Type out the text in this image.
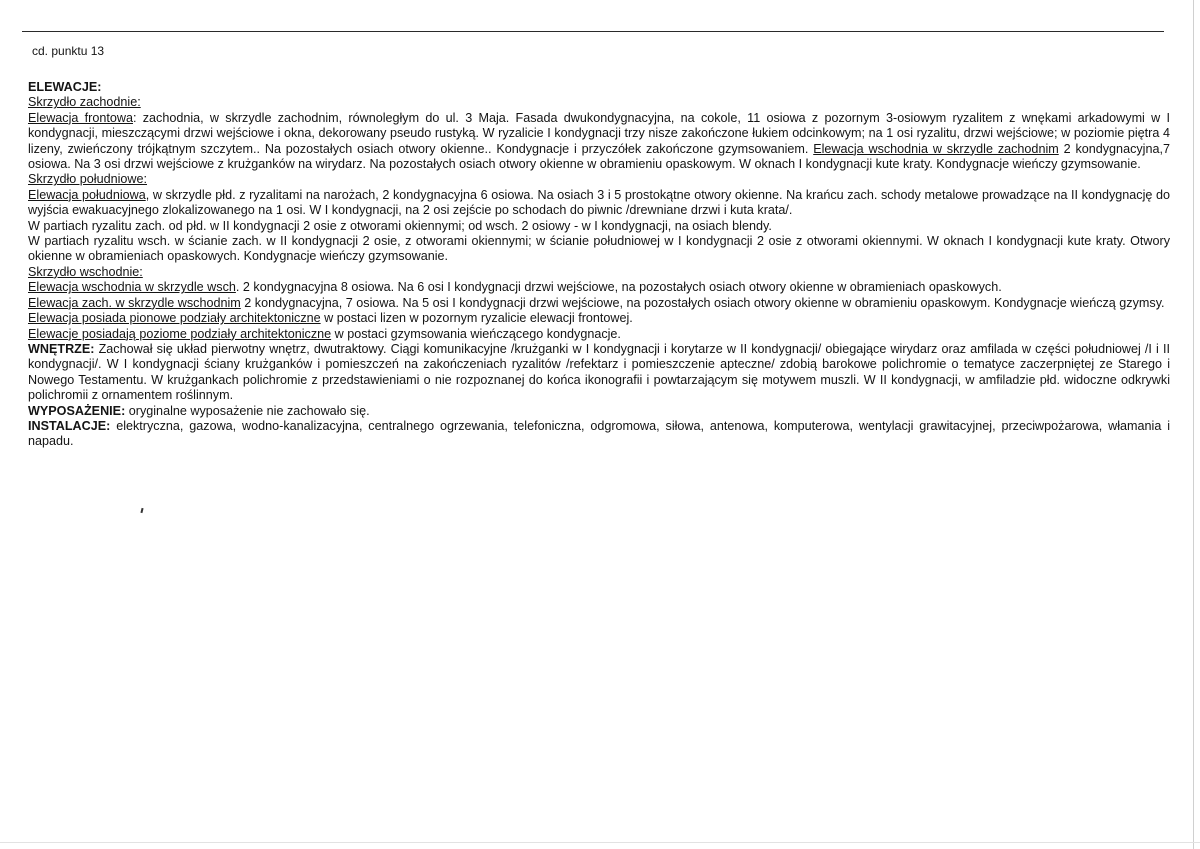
cd. punktu 13

ELEWACJE:

Skrzydło zachodnie:

Elewacja frontowa: zachodnia, w skrzydle zachodnim, równoległym do ul. 3 Maja. Fasada dwukondygnacyjna, na cokole, 11 osiowa z pozornym 3-osiowym ryzalitem z wnękami arkadowymi w I kondygnacji, mieszczącymi drzwi wejściowe i okna, dekorowany pseudo rustyką. W ryzalicie I kondygnacji trzy nisze zakończone łukiem odcinkowym; na 1 osi ryzalitu, drzwi wejściowe; w poziomie piętra 4 lizeny, zwieńczony trójkątnym szczytem.. Na pozostałych osiach otwory okienne.. Kondygnacje i przyczółek zakończone gzymsowaniem. Elewacja wschodnia w skrzydle zachodnim 2 kondygnacyjna,7 osiowa. Na 3 osi drzwi wejściowe z krużganków na wirydarz. Na pozostałych osiach otwory okienne w obramieniu opaskowym. W oknach I kondygnacji kute kraty. Kondygnacje wieńczy gzymsowanie.

Skrzydło południowe:

Elewacja południowa, w skrzydle płd. z ryzalitami na narożach, 2 kondygnacyjna 6 osiowa. Na osiach 3 i 5 prostokątne otwory okienne. Na krańcu zach. schody metalowe prowadzące na II kondygnację do wyjścia ewakuacyjnego zlokalizowanego na 1 osi. W I kondygnacji, na 2 osi zejście po schodach do piwnic /drewniane drzwi i kuta krata/.

W partiach ryzalitu zach. od płd. w II kondygnacji 2 osie z otworami okiennymi; od wsch. 2 osiowy - w I kondygnacji, na osiach blendy.

W partiach ryzalitu wsch. w ścianie zach. w II kondygnacji 2 osie, z otworami okiennymi; w ścianie południowej w I kondygnacji 2 osie z otworami okiennymi. W oknach I kondygnacji kute kraty. Otwory okienne w obramieniach opaskowych. Kondygnacje wieńczy gzymsowanie.

Skrzydło wschodnie:

Elewacja wschodnia w skrzydle wsch. 2 kondygnacyjna 8 osiowa. Na 6 osi I kondygnacji drzwi wejściowe, na pozostałych osiach otwory okienne w obramieniach opaskowych.

Elewacja zach. w skrzydle wschodnim 2 kondygnacyjna, 7 osiowa. Na 5 osi I kondygnacji drzwi wejściowe, na pozostałych osiach otwory okienne w obramieniu opaskowym. Kondygnacje wieńczą gzymsy.

Elewacja posiada pionowe podziały architektoniczne w postaci lizen w pozornym ryzalicie elewacji frontowej.

Elewacje posiadają poziome podziały architektoniczne w postaci gzymsowania wieńczącego kondygnacje.

WNĘTRZE: Zachował się układ pierwotny wnętrz, dwutraktowy. Ciągi komunikacyjne /krużganki w I kondygnacji i korytarze w II kondygnacji/ obiegające wirydarz oraz amfilada w części południowej /I i II kondygnacji/. W I kondygnacji ściany krużganków i pomieszczeń na zakończeniach ryzalitów /refektarz i pomieszczenie apteczne/ zdobią barokowe polichromie o tematyce zaczerpniętej ze Starego i Nowego Testamentu. W krużgankach polichromie z przedstawieniami o nie rozpoznanej do końca ikonografii i powtarzającym się motywem muszli. W II kondygnacji, w amfiladzie płd. widoczne odkrywki polichromii z ornamentem roślinnym.

WYPOSAŻENIE: oryginalne wyposażenie nie zachowało się.

INSTALACJE: elektryczna, gazowa, wodno-kanalizacyjna, centralnego ogrzewania, telefoniczna, odgromowa, siłowa, antenowa, komputerowa, wentylacji grawitacyjnej, przeciwpożarowa, włamania i napadu.
